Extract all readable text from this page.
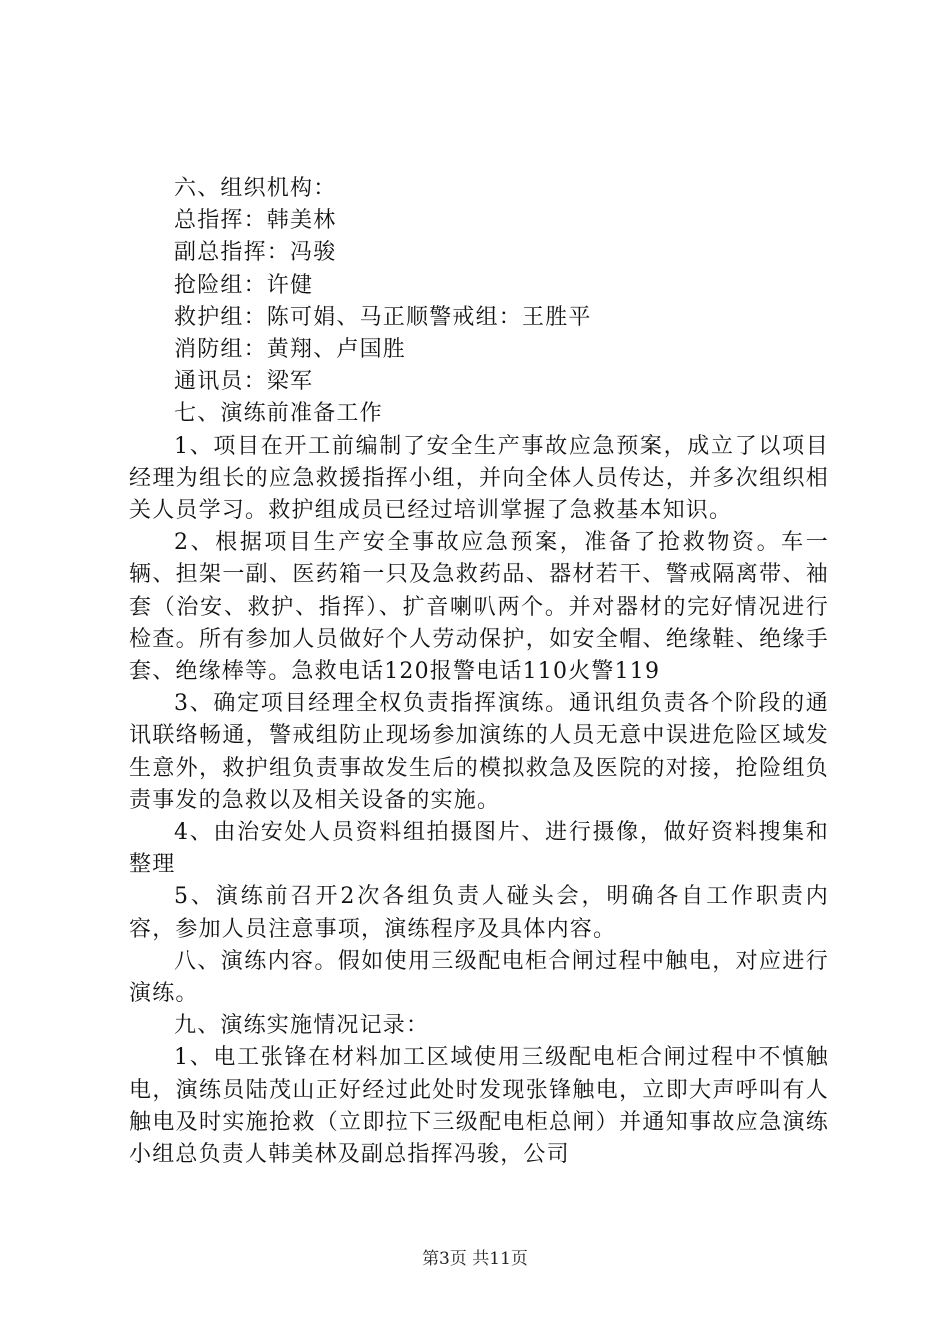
六、组织机构：
总指挥：韩美林
副总指挥：冯骏
抢险组：许健
救护组：陈可娟、马正顺警戒组：王胜平
消防组：黄翔、卢国胜
通讯员：梁军
七、演练前准备工作
1、项目在开工前编制了安全生产事故应急预案，成立了以项目经理为组长的应急救援指挥小组，并向全体人员传达，并多次组织相关人员学习。救护组成员已经过培训掌握了急救基本知识。
2、根据项目生产安全事故应急预案，准备了抢救物资。车一辆、担架一副、医药箱一只及急救药品、器材若干、警戒隔离带、袖套（治安、救护、指挥）、扩音喇叭两个。并对器材的完好情况进行检查。所有参加人员做好个人劳动保护，如安全帽、绝缘鞋、绝缘手套、绝缘棒等。急救电话120报警电话110火警119
3、确定项目经理全权负责指挥演练。通讯组负责各个阶段的通讯联络畅通，警戒组防止现场参加演练的人员无意中误进危险区域发生意外，救护组负责事故发生后的模拟救急及医院的对接，抢险组负责事发的急救以及相关设备的实施。
4、由治安处人员资料组拍摄图片、进行摄像，做好资料搜集和整理
5、演练前召开2次各组负责人碰头会，明确各自工作职责内容，参加人员注意事项，演练程序及具体内容。
八、演练内容。假如使用三级配电柜合闸过程中触电，对应进行演练。
九、演练实施情况记录：
1、电工张锋在材料加工区域使用三级配电柜合闸过程中不慎触电，演练员陆茂山正好经过此处时发现张锋触电，立即大声呼叫有人触电及时实施抢救（立即拉下三级配电柜总闸）并通知事故应急演练小组总负责人韩美林及副总指挥冯骏，公司
第3页 共11页
